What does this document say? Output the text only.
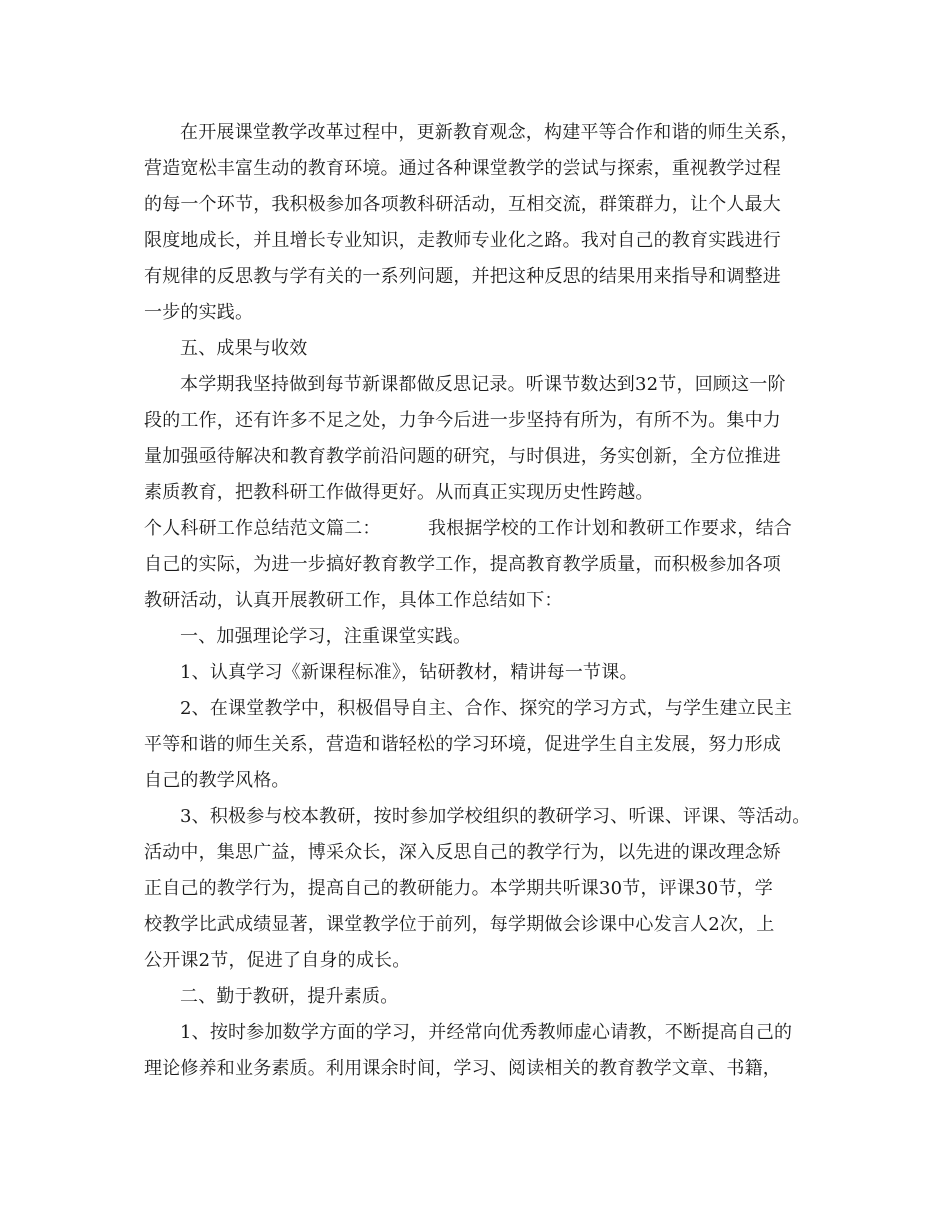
在开展课堂教学改革过程中，更新教育观念，构建平等合作和谐的师生关系，
营造宽松丰富生动的教育环境。通过各种课堂教学的尝试与探索，重视教学过程
的每一个环节，我积极参加各项教科研活动，互相交流，群策群力，让个人最大
限度地成长，并且增长专业知识，走教师专业化之路。我对自己的教育实践进行
有规律的反思教与学有关的一系列问题，并把这种反思的结果用来指导和调整进
一步的实践。
五、成果与收效
本学期我坚持做到每节新课都做反思记录。听课节数达到32节，回顾这一阶
段的工作，还有许多不足之处，力争今后进一步坚持有所为，有所不为。集中力
量加强亟待解决和教育教学前沿问题的研究，与时俱进，务实创新，全方位推进
素质教育，把教科研工作做得更好。从而真正实现历史性跨越。
个人科研工作总结范文篇二：        我根据学校的工作计划和教研工作要求，结合
自己的实际，为进一步搞好教育教学工作，提高教育教学质量，而积极参加各项
教研活动，认真开展教研工作，具体工作总结如下：
一、加强理论学习，注重课堂实践。
1、认真学习《新课程标准》，钻研教材，精讲每一节课。
2、在课堂教学中，积极倡导自主、合作、探究的学习方式，与学生建立民主
平等和谐的师生关系，营造和谐轻松的学习环境，促进学生自主发展，努力形成
自己的教学风格。
3、积极参与校本教研，按时参加学校组织的教研学习、听课、评课、等活动。
活动中，集思广益，博采众长，深入反思自己的教学行为，以先进的课改理念矫
正自己的教学行为，提高自己的教研能力。本学期共听课30节，评课30节，学
校教学比武成绩显著，课堂教学位于前列，每学期做会诊课中心发言人2次，上
公开课2节，促进了自身的成长。
二、勤于教研，提升素质。
1、按时参加数学方面的学习，并经常向优秀教师虚心请教，不断提高自己的
理论修养和业务素质。利用课余时间，学习、阅读相关的教育教学文章、书籍，
